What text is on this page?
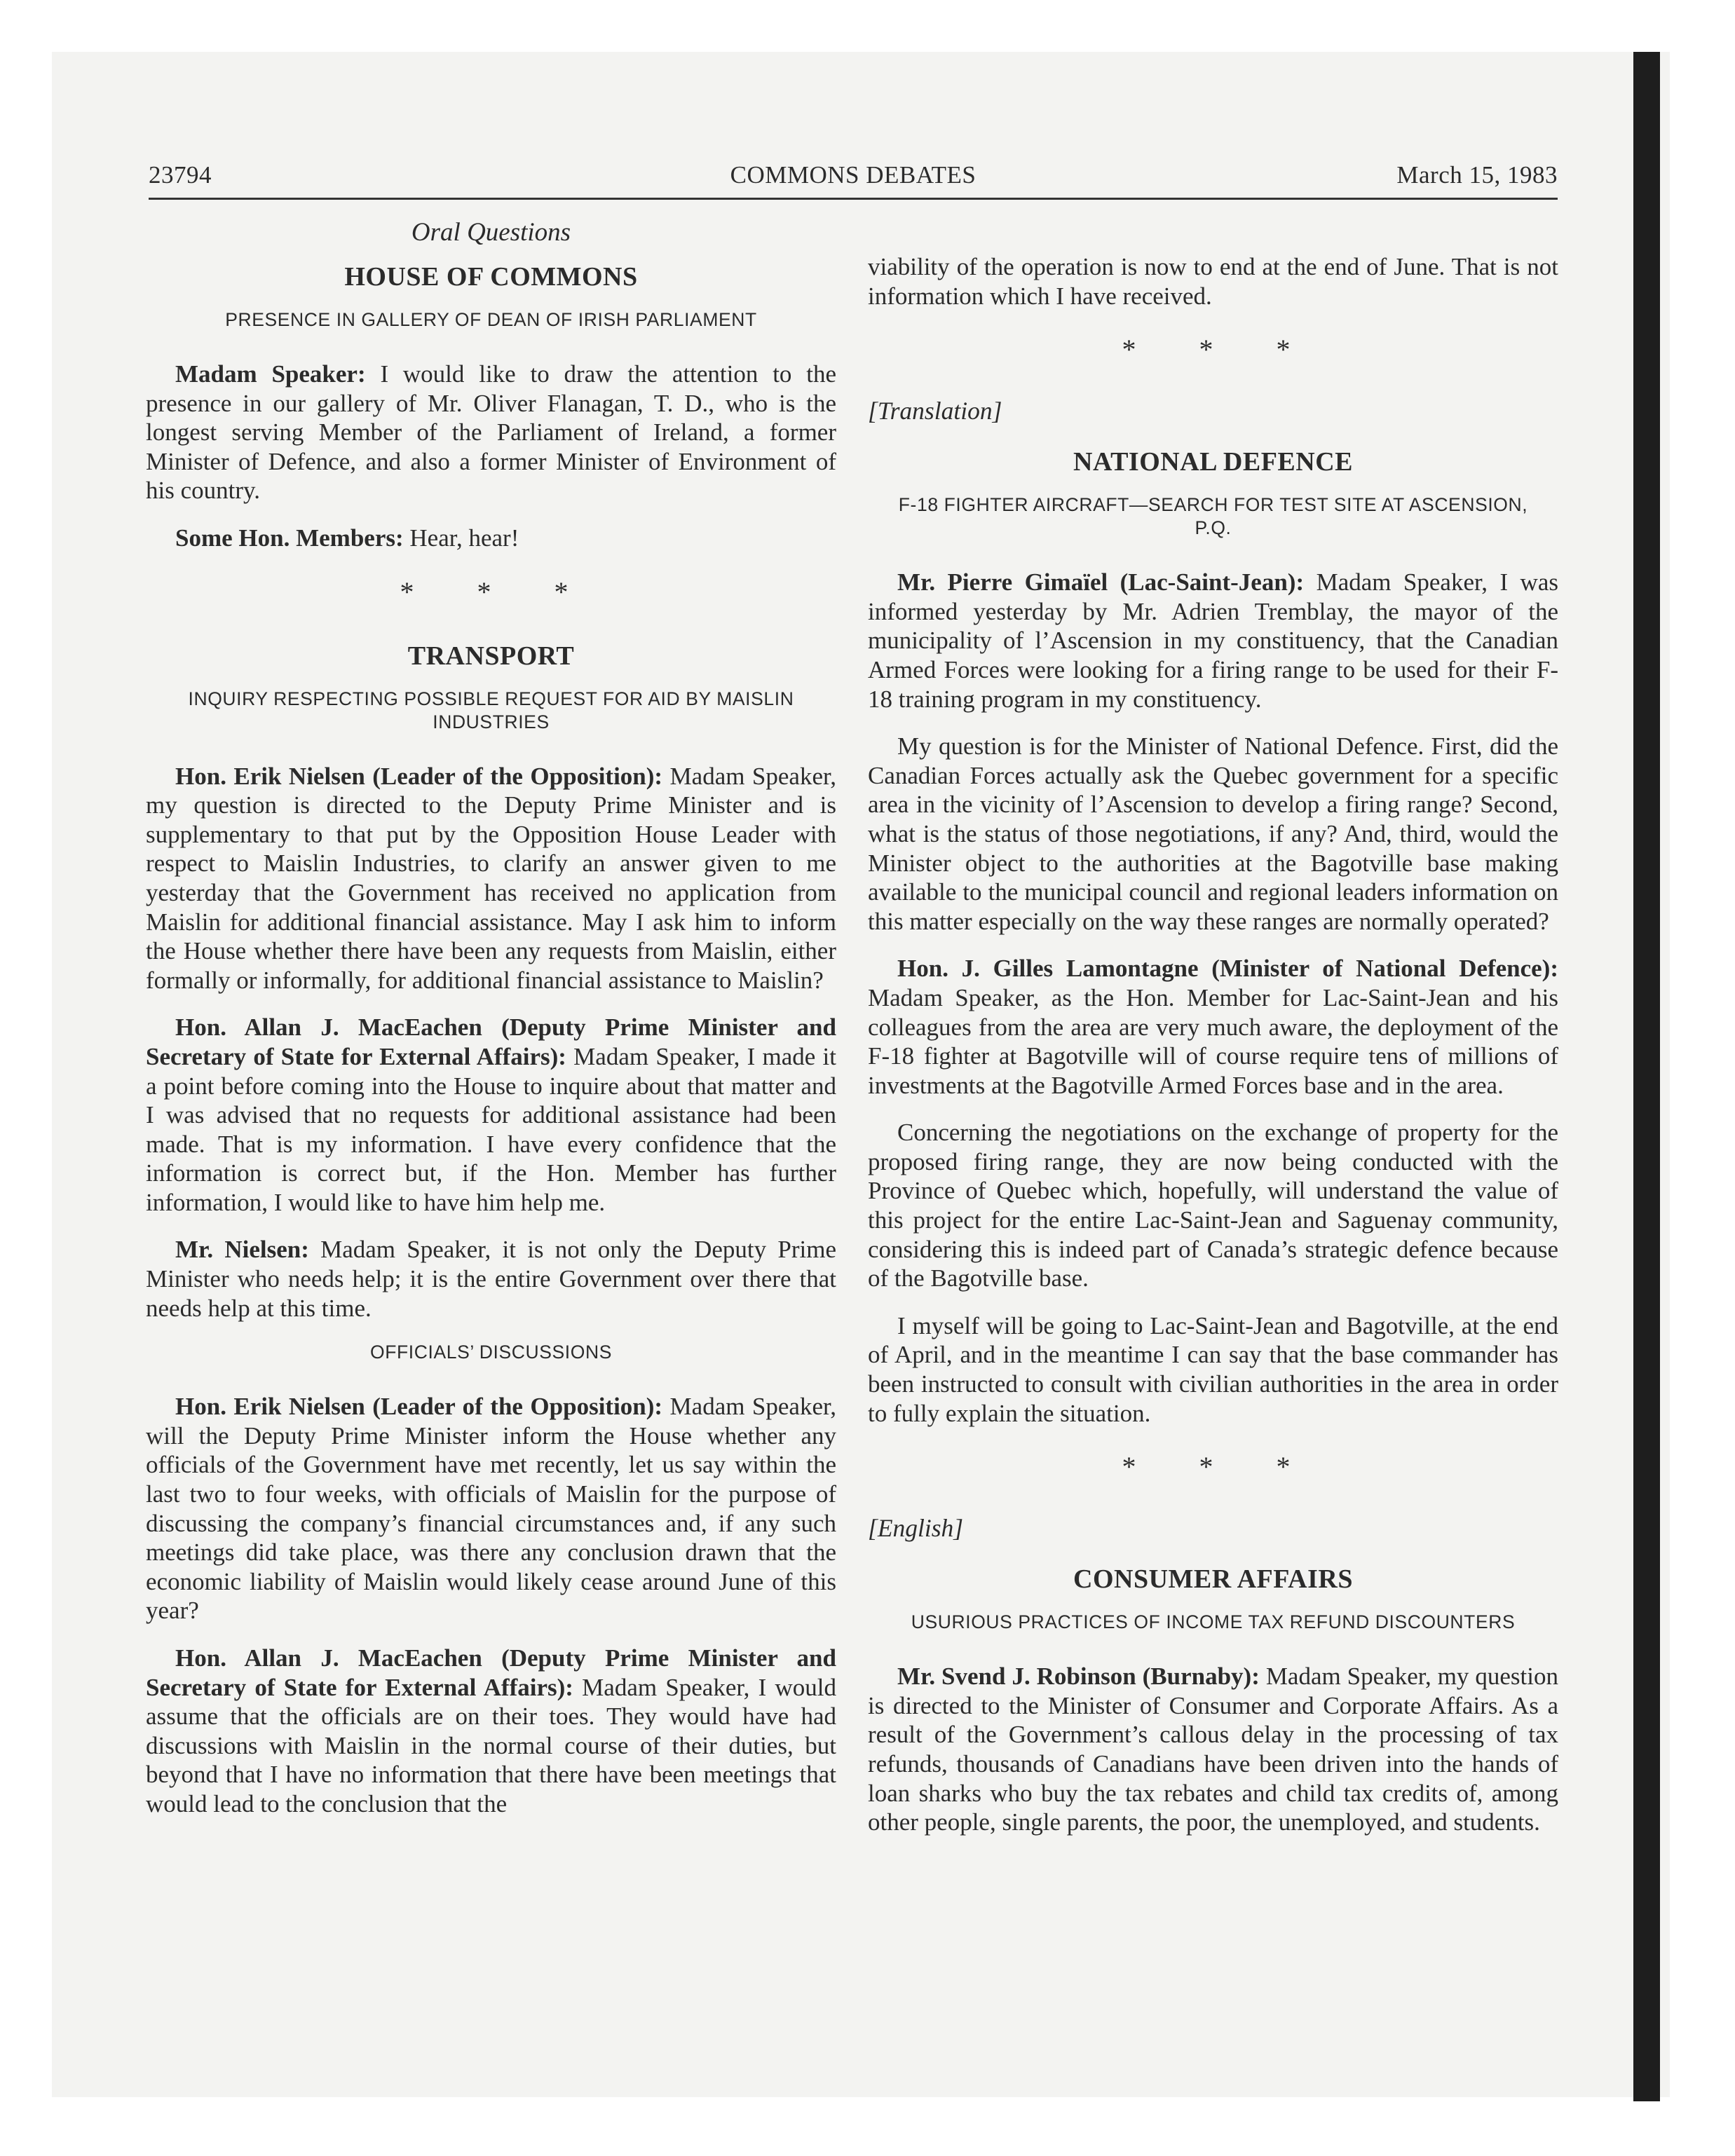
23794	COMMONS DEBATES	March 15, 1983
Oral Questions
HOUSE OF COMMONS
PRESENCE IN GALLERY OF DEAN OF IRISH PARLIAMENT

Madam Speaker: I would like to draw the attention to the presence in our gallery of Mr. Oliver Flanagan, T. D., who is the longest serving Member of the Parliament of Ireland, a former Minister of Defence, and also a former Minister of Environment of his country.

Some Hon. Members: Hear, hear!

* * *
TRANSPORT
INQUIRY RESPECTING POSSIBLE REQUEST FOR AID BY MAISLIN INDUSTRIES

Hon. Erik Nielsen (Leader of the Opposition): Madam Speaker, my question is directed to the Deputy Prime Minister and is supplementary to that put by the Opposition House Leader with respect to Maislin Industries, to clarify an answer given to me yesterday that the Government has received no application from Maislin for additional financial assistance. May I ask him to inform the House whether there have been any requests from Maislin, either formally or informally, for additional financial assistance to Maislin?

Hon. Allan J. MacEachen (Deputy Prime Minister and Secretary of State for External Affairs): Madam Speaker, I made it a point before coming into the House to inquire about that matter and I was advised that no requests for additional assistance had been made. That is my information. I have every confidence that the information is correct but, if the Hon. Member has further information, I would like to have him help me.

Mr. Nielsen: Madam Speaker, it is not only the Deputy Prime Minister who needs help; it is the entire Government over there that needs help at this time.

OFFICIALS’ DISCUSSIONS

Hon. Erik Nielsen (Leader of the Opposition): Madam Speaker, will the Deputy Prime Minister inform the House whether any officials of the Government have met recently, let us say within the last two to four weeks, with officials of Maislin for the purpose of discussing the company’s financial circumstances and, if any such meetings did take place, was there any conclusion drawn that the economic liability of Maislin would likely cease around June of this year?

Hon. Allan J. MacEachen (Deputy Prime Minister and Secretary of State for External Affairs): Madam Speaker, I would assume that the officials are on their toes. They would have had discussions with Maislin in the normal course of their duties, but beyond that I have no information that there have been meetings that would lead to the conclusion that the

viability of the operation is now to end at the end of June. That is not information which I have received.

* * *
[Translation]
NATIONAL DEFENCE
F-18 FIGHTER AIRCRAFT—SEARCH FOR TEST SITE AT ASCENSION, P.Q.

Mr. Pierre Gimaïel (Lac-Saint-Jean): Madam Speaker, I was informed yesterday by Mr. Adrien Tremblay, the mayor of the municipality of l’Ascension in my constituency, that the Canadian Armed Forces were looking for a firing range to be used for their F-18 training program in my constituency.

My question is for the Minister of National Defence. First, did the Canadian Forces actually ask the Quebec government for a specific area in the vicinity of l’Ascension to develop a firing range? Second, what is the status of those negotiations, if any? And, third, would the Minister object to the authorities at the Bagotville base making available to the municipal council and regional leaders information on this matter especially on the way these ranges are normally operated?

Hon. J. Gilles Lamontagne (Minister of National Defence): Madam Speaker, as the Hon. Member for Lac-Saint-Jean and his colleagues from the area are very much aware, the deployment of the F-18 fighter at Bagotville will of course require tens of millions of investments at the Bagotville Armed Forces base and in the area.

Concerning the negotiations on the exchange of property for the proposed firing range, they are now being conducted with the Province of Quebec which, hopefully, will understand the value of this project for the entire Lac-Saint-Jean and Saguenay community, considering this is indeed part of Canada’s strategic defence because of the Bagotville base.

I myself will be going to Lac-Saint-Jean and Bagotville, at the end of April, and in the meantime I can say that the base commander has been instructed to consult with civilian authorities in the area in order to fully explain the situation.

* * *
[English]
CONSUMER AFFAIRS
USURIOUS PRACTICES OF INCOME TAX REFUND DISCOUNTERS

Mr. Svend J. Robinson (Burnaby): Madam Speaker, my question is directed to the Minister of Consumer and Corporate Affairs. As a result of the Government’s callous delay in the processing of tax refunds, thousands of Canadians have been driven into the hands of loan sharks who buy the tax rebates and child tax credits of, among other people, single parents, the poor, the unemployed, and students.
